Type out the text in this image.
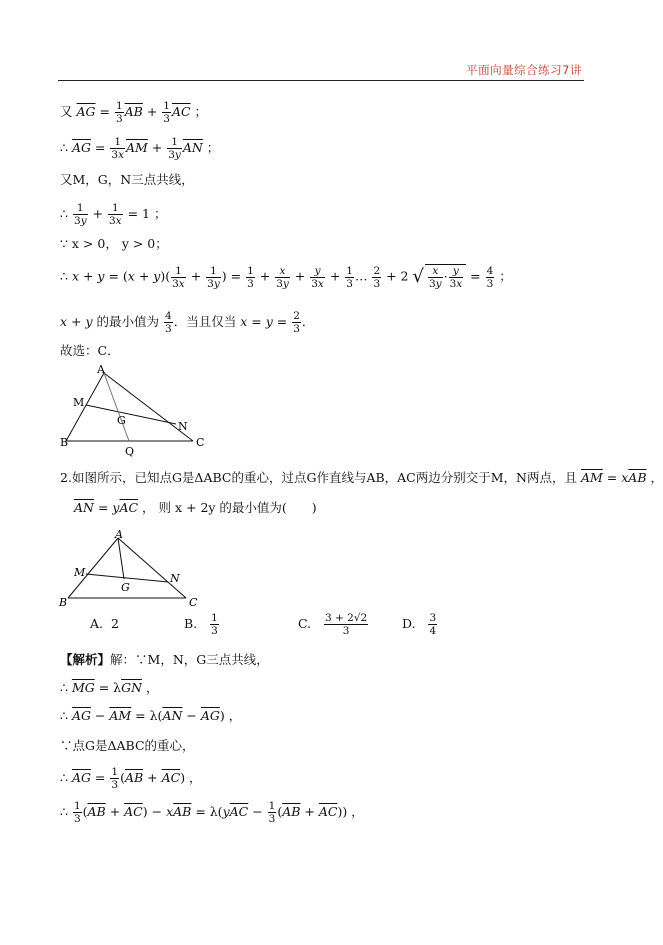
平面向量综合练习7讲
又 $\overline{AG} = \frac{1}{3} \overline{AB} + \frac{1}{3} \overline{AC}$ ；
∴ $\overline{AG} = \frac{1}{3x} \overline{AM} + \frac{1}{3y} \overline{AN}$ ；
又M，G，N三点共线，
∴ $\frac{1}{3y} + \frac{1}{3x} = 1$ ；
∵ x > 0， y > 0；
∴ $x + y = (x + y)( \frac{1}{3x} + \frac{1}{3y}$ ) = $\frac{1}{3} + \frac{x}{3y} + \frac{y}{3x} + \frac{1}{3}$ … $\frac{2}{3} + 2$ √ $\frac{x}{3y} \cdot \frac{y}{3x} = \frac{4}{3}$ ；
x + y 的最小值为 $\frac{4}{3}$ ．当且仅当 $x = y = \frac{2}{3}$ ．
故选：C．
A
M
G	N
B
Q
C
2.如图所示，已知点G是ΔABC的重心，过点G作直线与AB，AC两边分别交于M，N两点，且 $\overline{AM} = x\overline{AB}$ ，
$\overline{AN} = y\overline{AC}$ ， 则 x + 2y 的最小值为(　　)
A
M
G
N
B	C
A. 2	B. $\frac{1}{3}$	C. $\frac{3 + 2√2}{3}$	D. $\frac{3}{4}$
【解析】解：∵M，N，G三点共线，
∴ $\overline{MG} = \lambda\overline{GN}$ ，
∴ $\overline{AG} - \overline{AM} = \lambda(\overline{AN} - \overline{AG})$ ，
∵点G是ΔABC的重心，
∴ $\overline{AG} = \frac{1}{3} (\overline{AB} + \overline{AC})$ ，
∴ $\frac{1}{3} (\overline{AB} + \overline{AC}) - x\overline{AB} = \lambda(y\overline{AC} - \frac{1}{3} (\overline{AB} + \overline{AC}))$ ，
